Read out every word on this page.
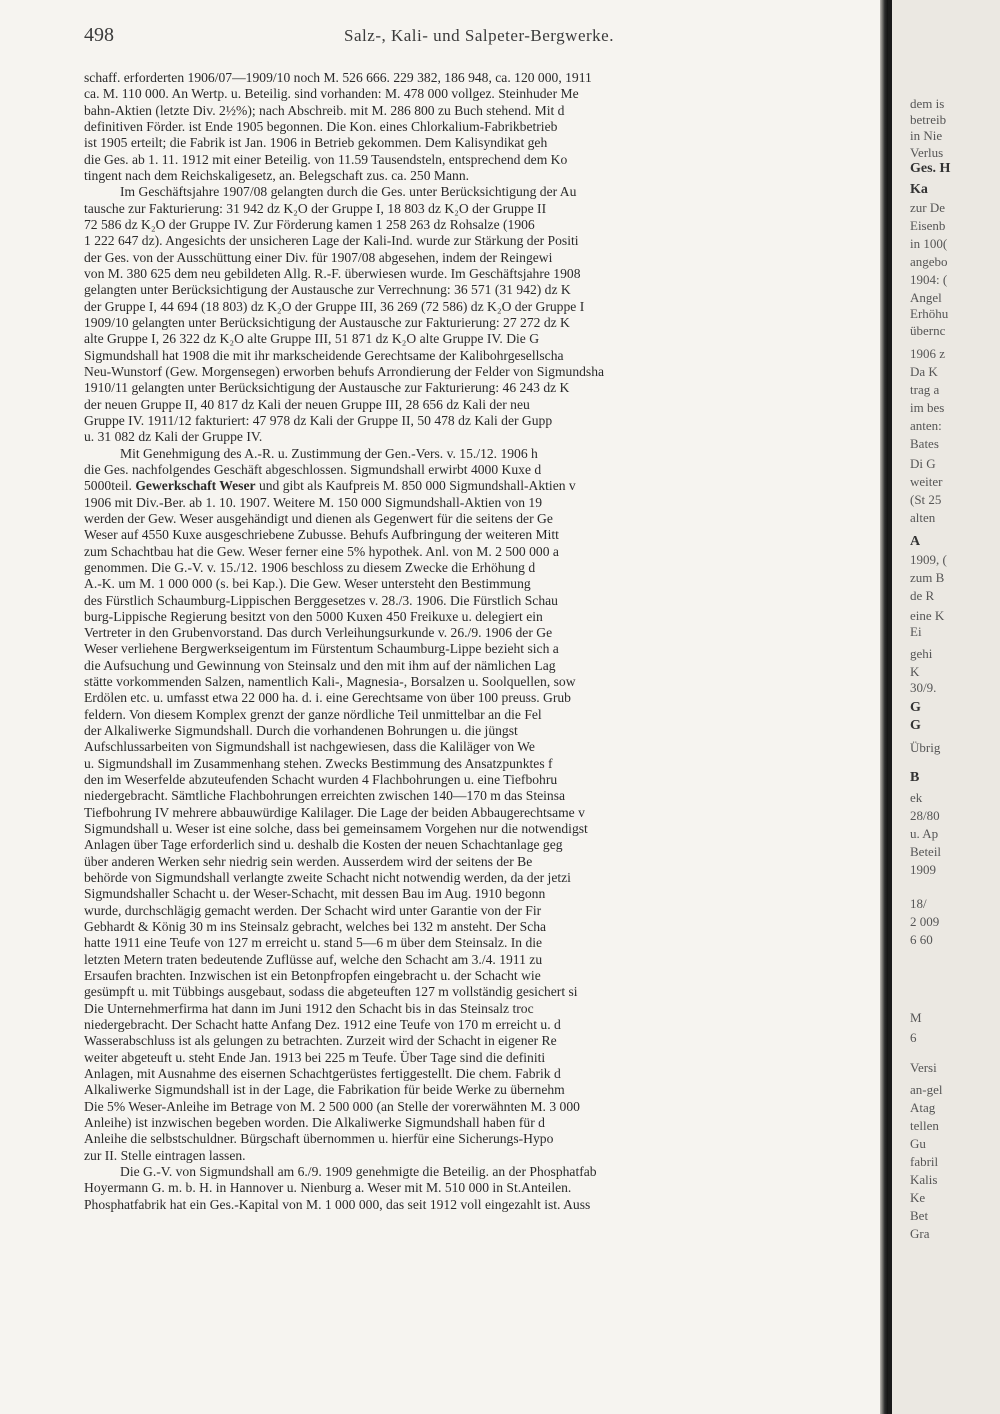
498	Salz-, Kali- und Salpeter-Bergwerke.

schaff. erforderten 1906/07—1909/10 noch M. 526 666. 229 382, 186 948, ca. 120 000, 1911
ca. M. 110 000. An Wertp. u. Beteilig. sind vorhanden: M. 478 000 vollgez. Steinhuder Me
bahn-Aktien (letzte Div. 2½%); nach Abschreib. mit M. 286 800 zu Buch stehend. Mit d
definitiven Förder. ist Ende 1905 begonnen. Die Kon. eines Chlorkalium-Fabrikbetrieb
ist 1905 erteilt; die Fabrik ist Jan. 1906 in Betrieb gekommen. Dem Kalisyndikat geh
die Ges. ab 1. 11. 1912 mit einer Beteilig. von 11.59 Tausendsteln, entsprechend dem Ko
tingent nach dem Reichskaligesetz, an. Belegschaft zus. ca. 250 Mann.

Im Geschäftsjahre 1907/08 gelangten durch die Ges. unter Berücksichtigung der Au
tausche zur Fakturierung: 31 942 dz K₂O der Gruppe I, 18 803 dz K₂O der Gruppe II
72 586 dz K₂O der Gruppe IV. Zur Förderung kamen 1 258 263 dz Rohsalze (1906
1 222 647 dz). Angesichts der unsicheren Lage der Kali-Ind. wurde zur Stärkung der Positi
der Ges. von der Ausschüttung einer Div. für 1907/08 abgesehen, indem der Reingewi
von M. 380 625 dem neu gebildeten Allg. R.-F. überwiesen wurde. Im Geschäftsjahre 1908
gelangten unter Berücksichtigung der Austausche zur Verrechnung: 36 571 (31 942) dz K
der Gruppe I, 44 694 (18 803) dz K₂O der Gruppe III, 36 269 (72 586) dz K₂O der Gruppe I
1909/10 gelangten unter Berücksichtigung der Austausche zur Fakturierung: 27 272 dz K
alte Gruppe I, 26 322 dz K₂O alte Gruppe III, 51 871 dz K₂O alte Gruppe IV. Die G
Sigmundshall hat 1908 die mit ihr markscheidende Gerechtsame der Kalibohrgesellscha
Neu-Wunstorf (Gew. Morgensegen) erworben behufs Arrondierung der Felder von Sigmundsha
1910/11 gelangten unter Berücksichtigung der Austausche zur Fakturierung: 46 243 dz K
der neuen Gruppe II, 40 817 dz Kali der neuen Gruppe III, 28 656 dz Kali der neu
Gruppe IV. 1911/12 fakturiert: 47 978 dz Kali der Gruppe II, 50 478 dz Kali der Gupp
u. 31 082 dz Kali der Gruppe IV.

Mit Genehmigung des A.-R. u. Zustimmung der Gen.-Vers. v. 15./12. 1906 h
die Ges. nachfolgendes Geschäft abgeschlossen. Sigmundshall erwirbt 4000 Kuxe d
5000teil. Gewerkschaft Weser und gibt als Kaufpreis M. 850 000 Sigmundshall-Aktien v
1906 mit Div.-Ber. ab 1. 10. 1907. Weitere M. 150 000 Sigmundshall-Aktien von 19
werden der Gew. Weser ausgehändigt und dienen als Gegenwert für die seitens der Ge
Weser auf 4550 Kuxe ausgeschriebene Zubusse. Behufs Aufbringung der weiteren Mitt
zum Schachtbau hat die Gew. Weser ferner eine 5% hypothek. Anl. von M. 2 500 000 a
genommen. Die G.-V. v. 15./12. 1906 beschloss zu diesem Zwecke die Erhöhung d
A.-K. um M. 1 000 000 (s. bei Kap.). Die Gew. Weser untersteht den Bestimmung
des Fürstlich Schaumburg-Lippischen Berggesetzes v. 28./3. 1906. Die Fürstlich Schau
burg-Lippische Regierung besitzt von den 5000 Kuxen 450 Freikuxe u. delegiert ein
Vertreter in den Grubenvorstand. Das durch Verleihungsurkunde v. 26./9. 1906 der Ge
Weser verliehene Bergwerkseigentum im Fürstentum Schaumburg-Lippe bezieht sich a
die Aufsuchung und Gewinnung von Steinsalz und den mit ihm auf der nämlichen Lag
stätte vorkommenden Salzen, namentlich Kali-, Magnesia-, Borsalzen u. Soolquellen, sow
Erdölen etc. u. umfasst etwa 22 000 ha. d. i. eine Gerechtsame von über 100 preuss. Grub
feldern. Von diesem Komplex grenzt der ganze nördliche Teil unmittelbar an die Fel
der Alkaliwerke Sigmundshall. Durch die vorhandenen Bohrungen u. die jüngst
Aufschlussarbeiten von Sigmundshall ist nachgewiesen, dass die Kaliläger von We
u. Sigmundshall im Zusammenhang stehen. Zwecks Bestimmung des Ansatzpunktes f
den im Weserfelde abzuteufenden Schacht wurden 4 Flachbohrungen u. eine Tiefbohru
niedergebracht. Sämtliche Flachbohrungen erreichten zwischen 140—170 m das Steinsa
Tiefbohrung IV mehrere abbauwürdige Kalilager. Die Lage der beiden Abbaugerechtsame v
Sigmundshall u. Weser ist eine solche, dass bei gemeinsamem Vorgehen nur die notwendigst
Anlagen über Tage erforderlich sind u. deshalb die Kosten der neuen Schachtanlage geg
über anderen Werken sehr niedrig sein werden. Ausserdem wird der seitens der Be
behörde von Sigmundshall verlangte zweite Schacht nicht notwendig werden, da der jetzi
Sigmundshaller Schacht u. der Weser-Schacht, mit dessen Bau im Aug. 1910 begonn
wurde, durchschlägig gemacht werden. Der Schacht wird unter Garantie von der Fir
Gebhardt & König 30 m ins Steinsalz gebracht, welches bei 132 m ansteht. Der Scha
hatte 1911 eine Teufe von 127 m erreicht u. stand 5—6 m über dem Steinsalz. In die
letzten Metern traten bedeutende Zuflüsse auf, welche den Schacht am 3./4. 1911 zu
Ersaufen brachten. Inzwischen ist ein Betonpfropfen eingebracht u. der Schacht wie
gesümpft u. mit Tübbings ausgebaut, sodass die abgeteuften 127 m vollständig gesichert si
Die Unternehmerfirma hat dann im Juni 1912 den Schacht bis in das Steinsalz troc
niedergebracht. Der Schacht hatte Anfang Dez. 1912 eine Teufe von 170 m erreicht u. d
Wasserabschluss ist als gelungen zu betrachten. Zurzeit wird der Schacht in eigener Re
weiter abgeteuft u. steht Ende Jan. 1913 bei 225 m Teufe. Über Tage sind die definiti
Anlagen, mit Ausnahme des eisernen Schachtgerüstes fertiggestellt. Die chem. Fabrik d
Alkaliwerke Sigmundshall ist in der Lage, die Fabrikation für beide Werke zu übernehm
Die 5% Weser-Anleihe im Betrage von M. 2 500 000 (an Stelle der vorerwähnten M. 3 000
Anleihe) ist inzwischen begeben worden. Die Alkaliwerke Sigmundshall haben für d
Anleihe die selbstschuldner. Bürgschaft übernommen u. hierfür eine Sicherungs-Hypo
zur II. Stelle eintragen lassen.

Die G.-V. von Sigmundshall am 6./9. 1909 genehmigte die Beteilig. an der Phosphatfab
Hoyermann G. m. b. H. in Hannover u. Nienburg a. Weser mit M. 510 000 in St.Anteilen.
Phosphatfabrik hat ein Ges.-Kapital von M. 1 000 000, das seit 1912 voll eingezahlt ist. Auss

dem is
betreib
in Nie
Verlus
Ges. H
Ka
zur De
Eisenb
in 100(
angebo
1904: (
Angel
Erhöhu
übernc
1906 z
Da K
trag a
im bes
anten:
Bates
Di G
weiter
(St 25
alten
A
1909, (
zum B
de R
eine K
Ei
gehi
K
30/9.
G
G
Übrig
B
ek
28/80
u. Ap
Beteil
1909
18/
2 009
6 60
M
6
Versi
an-gel
Atag
tellen
Gu
fabril
Kalis
Ke
Bet
Gra
